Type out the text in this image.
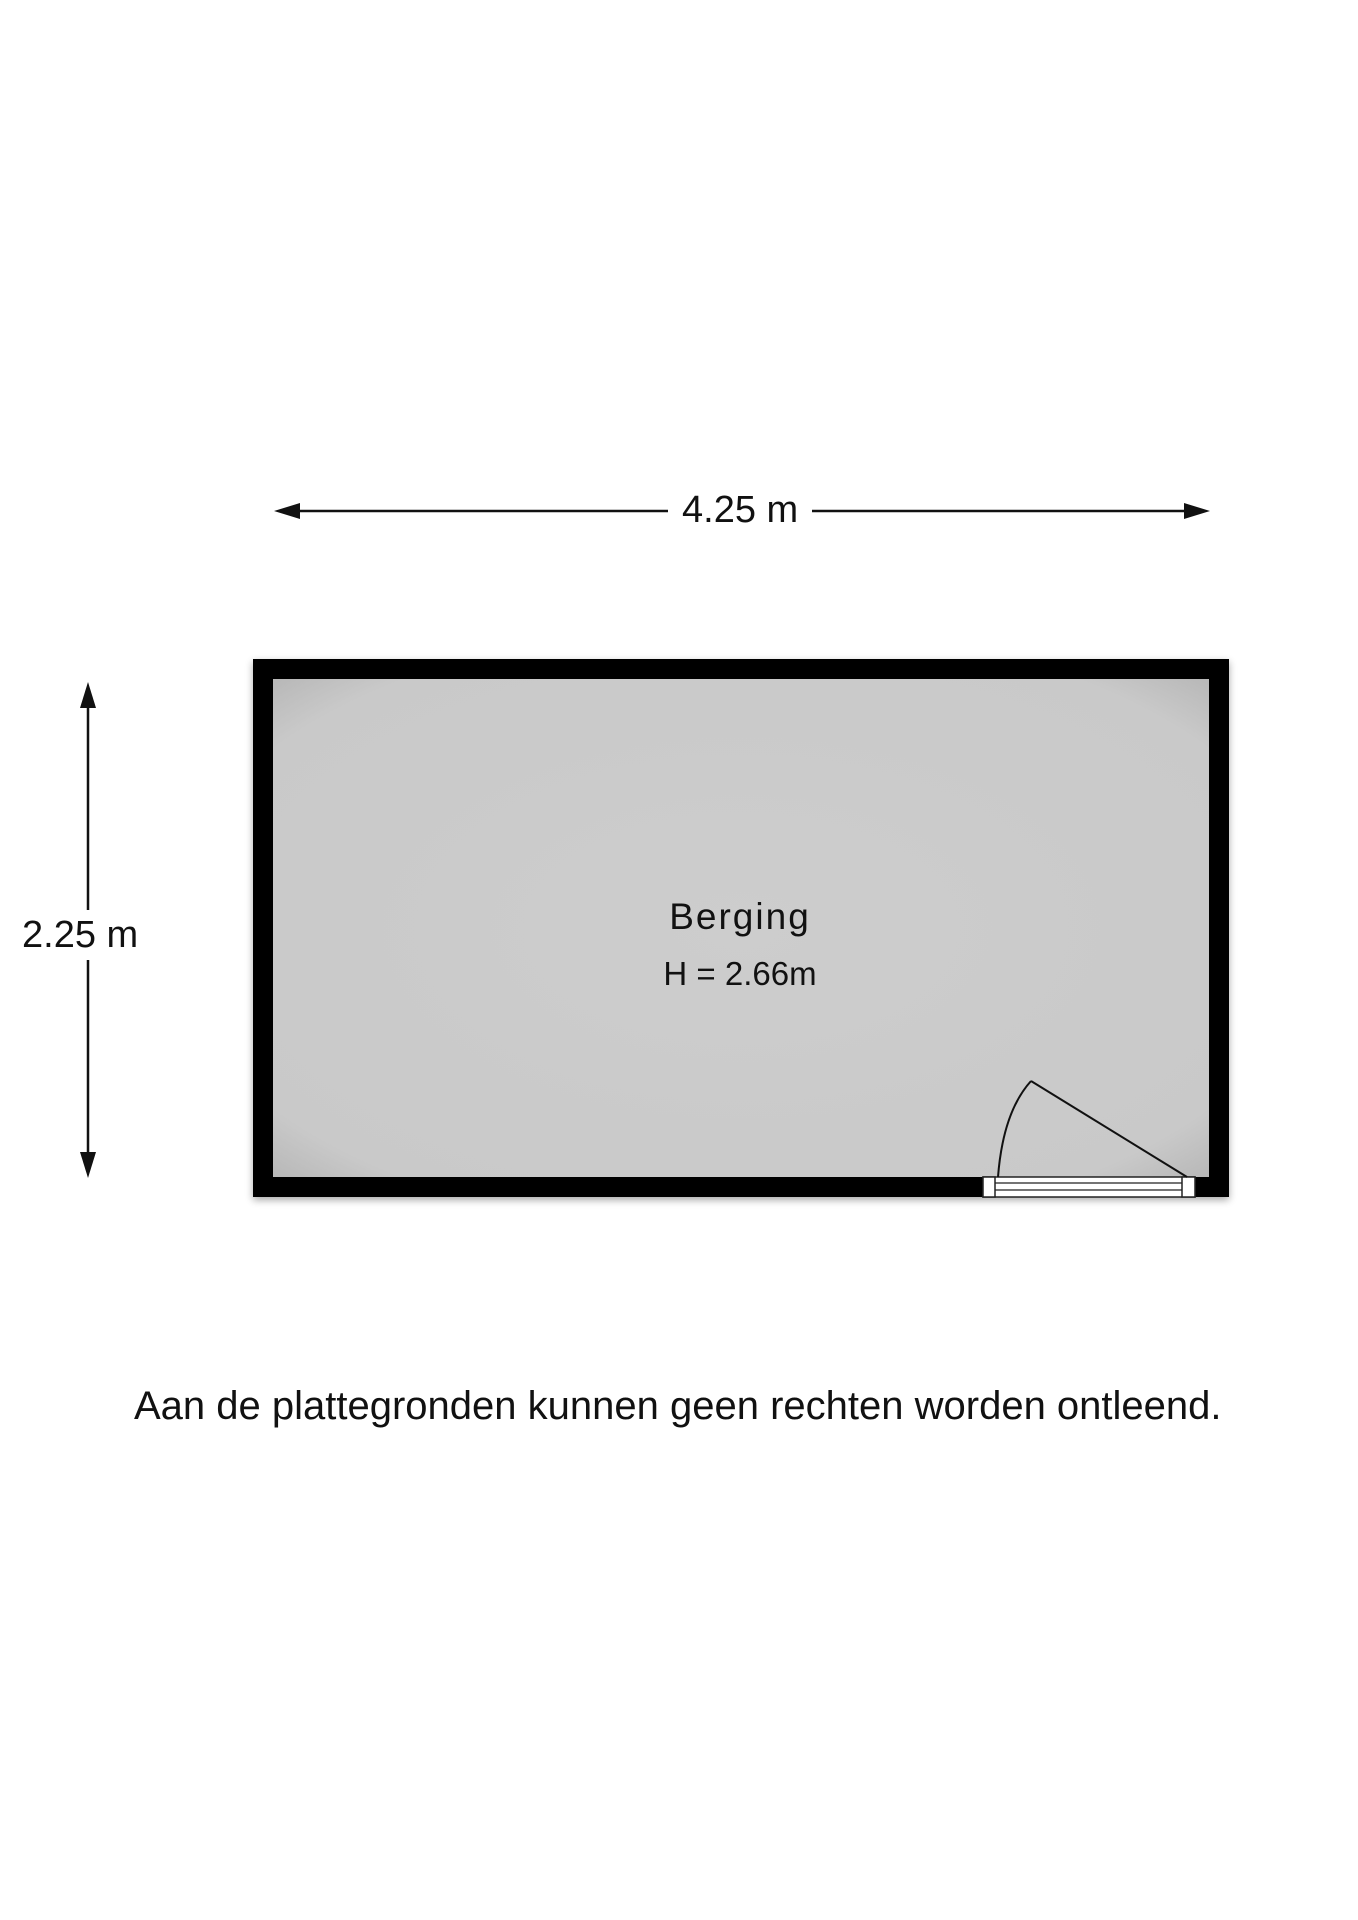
4.25 m
2.25 m	Berging
H = 2.66m
Aan de plattegronden kunnen geen rechten worden ontleend.
